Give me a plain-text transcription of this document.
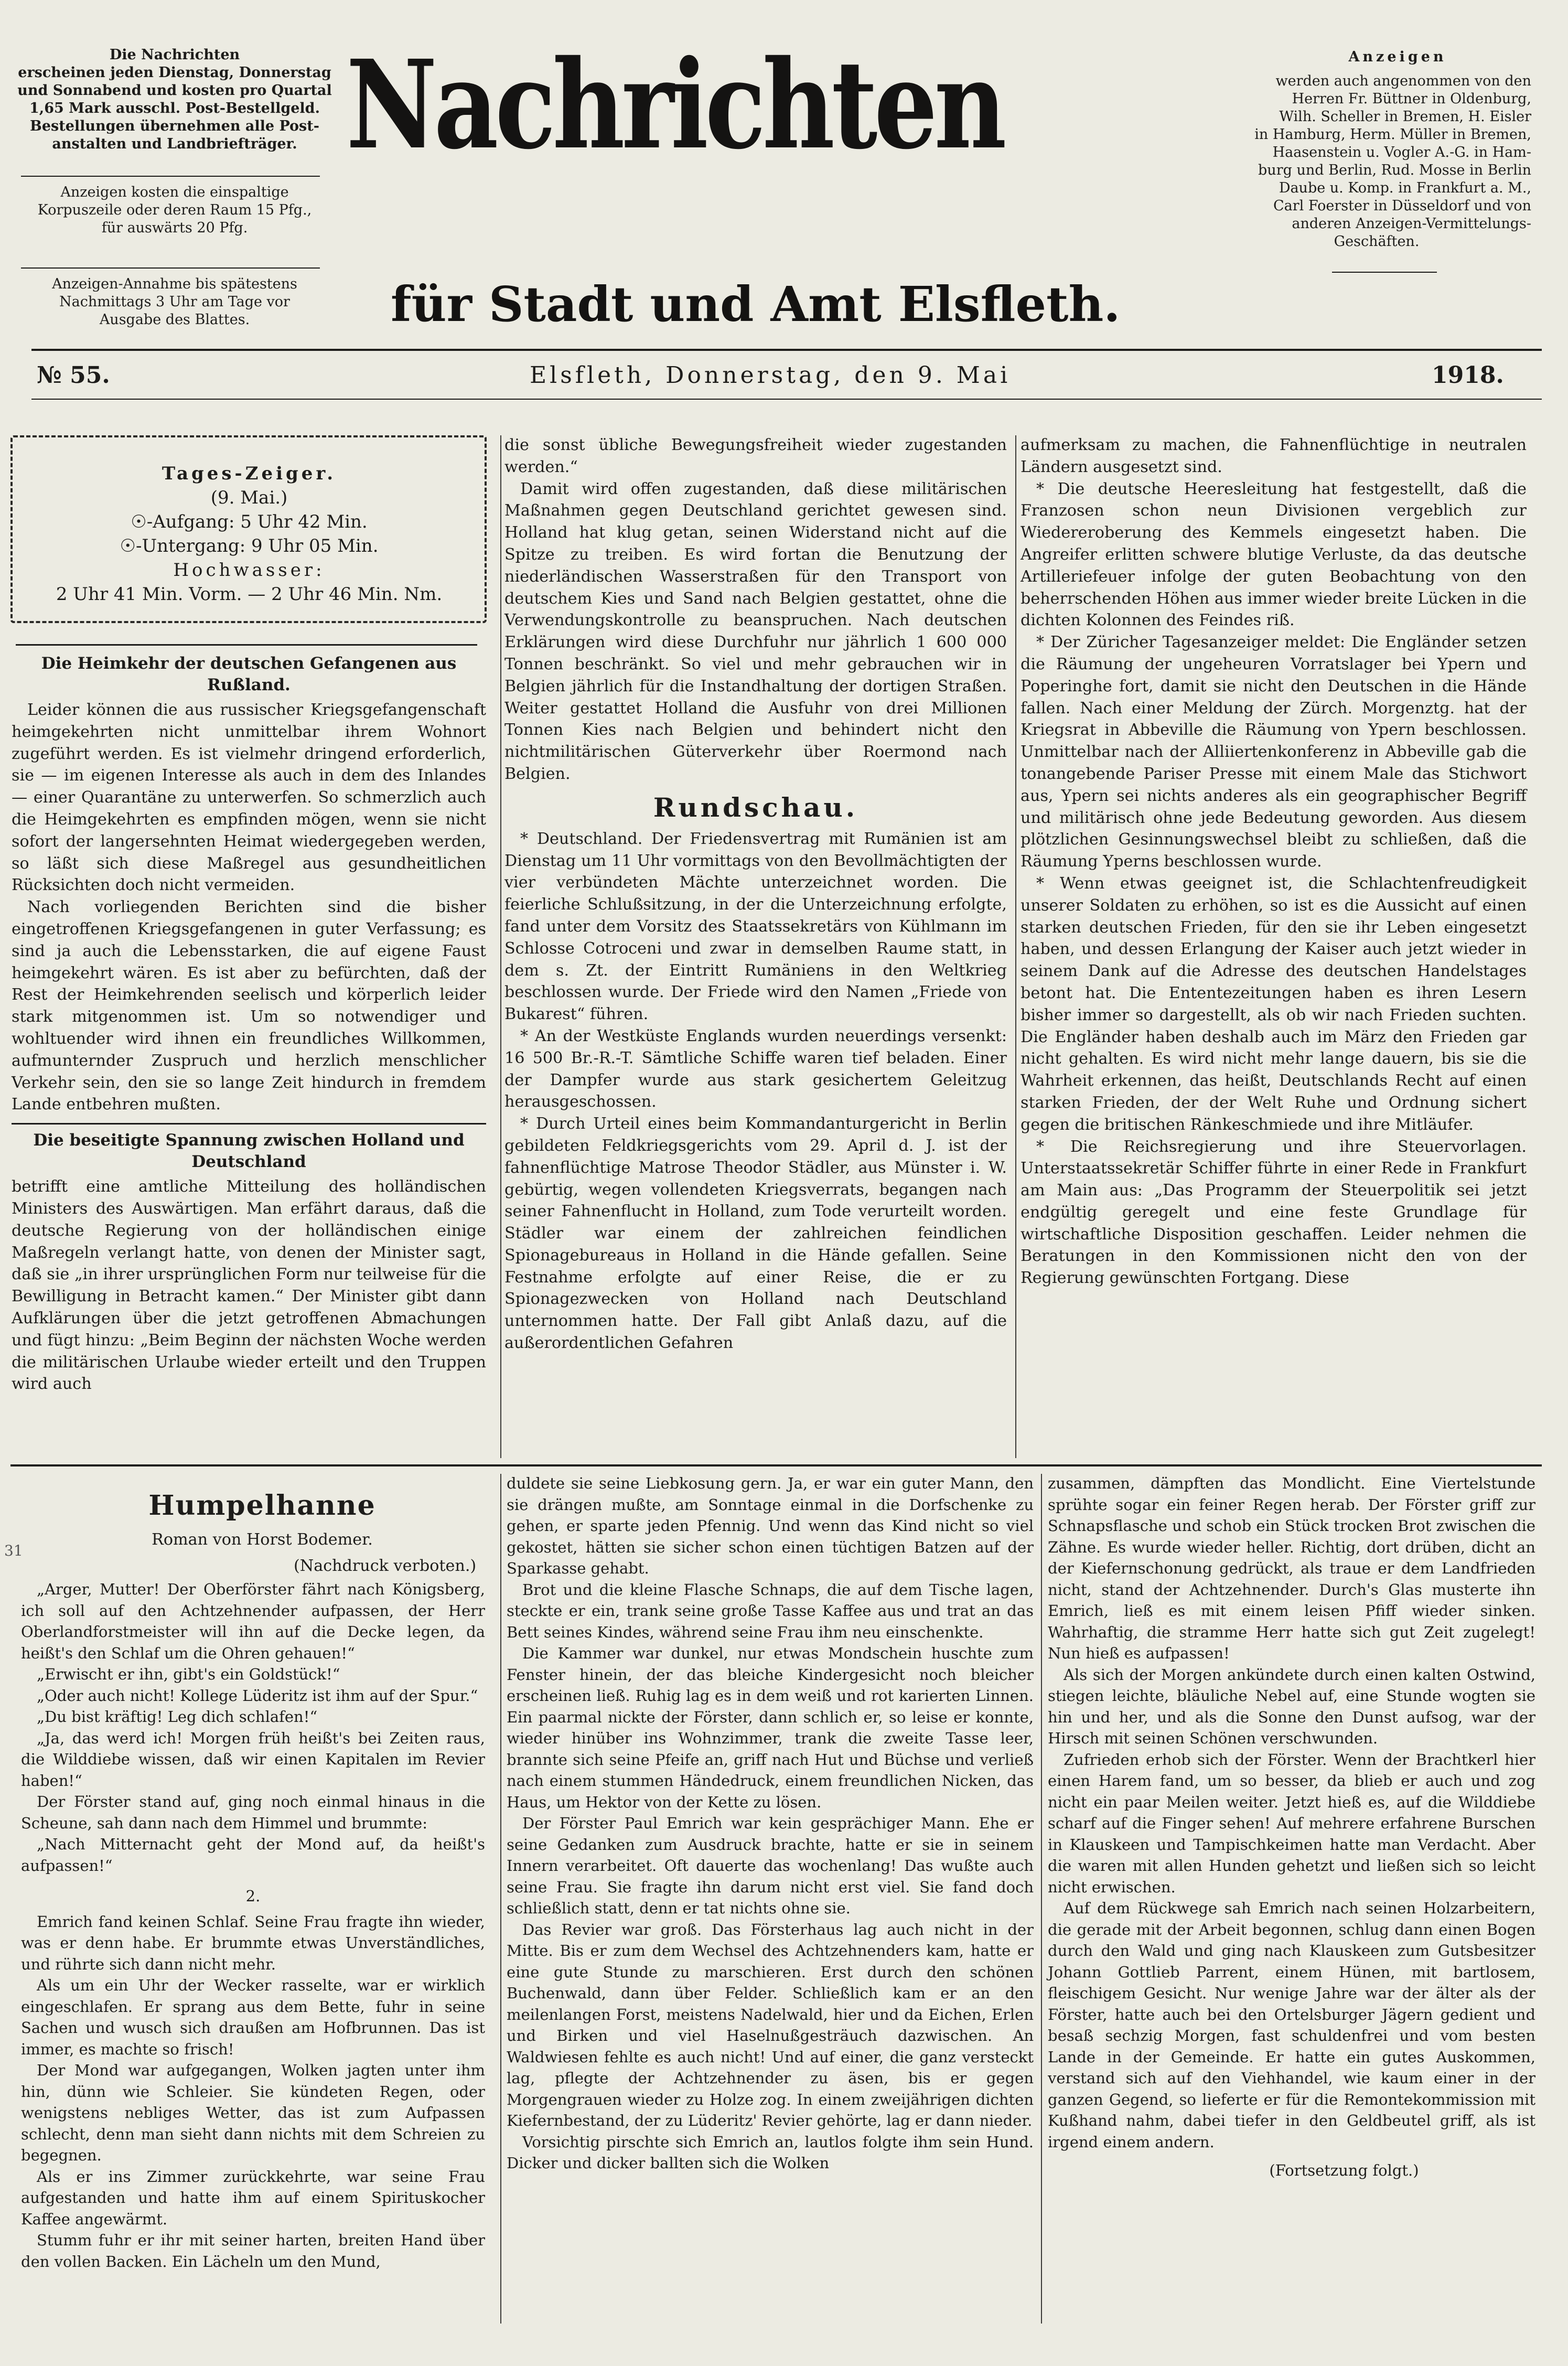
Die Nachrichten
erscheinen jeden Dienstag, Donnerstag
und Sonnabend und kosten pro Quartal
1,65 Mark ausschl. Post-Bestellgeld.
Bestellungen übernehmen alle Post-
anstalten und Landbriefträger.
Anzeigen kosten die einspaltige
Korpuszeile oder deren Raum 15 Pfg.,
für auswärts 20 Pfg.
Anzeigen-Annahme bis spätestens
Nachmittags 3 Uhr am Tage vor
Ausgabe des Blattes.
Nachrichten
für Stadt und Amt Elsfleth.
Anzeigen
werden auch angenommen von den
Herren Fr. Büttner in Oldenburg,
Wilh. Scheller in Bremen, H. Eisler
in Hamburg, Herm. Müller in Bremen,
Haasenstein u. Vogler A.-G. in Ham-
burg und Berlin, Rud. Mosse in Berlin
Daube u. Komp. in Frankfurt a. M.,
Carl Foerster in Düsseldorf und von
anderen Anzeigen-Vermittelungs-
Geschäften.
№ 55.	Elsfleth, Donnerstag, den 9. Mai	1918.
Tages-Zeiger.
(9. Mai.)
☉-Aufgang: 5 Uhr 42 Min.
☉-Untergang: 9 Uhr 05 Min.
Hochwasser:
2 Uhr 41 Min. Vorm. — 2 Uhr 46 Min. Nm.
Die Heimkehr der deutschen Gefangenen aus Rußland.

Leider können die aus russischer Kriegsgefangenschaft heimgekehrten nicht unmittelbar ihrem Wohnort zugeführt werden. Es ist vielmehr dringend erforderlich, sie — im eigenen Interesse als auch in dem des Inlandes — einer Quarantäne zu unterwerfen. So schmerzlich auch die Heimgekehrten es empfinden mögen, wenn sie nicht sofort der langersehnten Heimat wiedergegeben werden, so läßt sich diese Maßregel aus gesundheitlichen Rücksichten doch nicht vermeiden.

Nach vorliegenden Berichten sind die bisher eingetroffenen Kriegsgefangenen in guter Verfassung; es sind ja auch die Lebensstarken, die auf eigene Faust heimgekehrt wären. Es ist aber zu befürchten, daß der Rest der Heimkehrenden seelisch und körperlich leider stark mitgenommen ist. Um so notwendiger und wohltuender wird ihnen ein freundliches Willkommen, aufmunternder Zuspruch und herzlich menschlicher Verkehr sein, den sie so lange Zeit hindurch in fremdem Lande entbehren mußten.

Die beseitigte Spannung zwischen Holland und Deutschland

betrifft eine amtliche Mitteilung des holländischen Ministers des Auswärtigen. Man erfährt daraus, daß die deutsche Regierung von der holländischen einige Maßregeln verlangt hatte, von denen der Minister sagt, daß sie „in ihrer ursprünglichen Form nur teilweise für die Bewilligung in Betracht kamen.“ Der Minister gibt dann Aufklärungen über die jetzt getroffenen Abmachungen und fügt hinzu: „Beim Beginn der nächsten Woche werden die militärischen Urlaube wieder erteilt und den Truppen wird auch

die sonst übliche Bewegungsfreiheit wieder zugestanden werden.“

Damit wird offen zugestanden, daß diese militärischen Maßnahmen gegen Deutschland gerichtet gewesen sind. Holland hat klug getan, seinen Widerstand nicht auf die Spitze zu treiben. Es wird fortan die Benutzung der niederländischen Wasserstraßen für den Transport von deutschem Kies und Sand nach Belgien gestattet, ohne die Verwendungskontrolle zu beanspruchen. Nach deutschen Erklärungen wird diese Durchfuhr nur jährlich 1 600 000 Tonnen beschränkt. So viel und mehr gebrauchen wir in Belgien jährlich für die Instandhaltung der dortigen Straßen. Weiter gestattet Holland die Ausfuhr von drei Millionen Tonnen Kies nach Belgien und behindert nicht den nichtmilitärischen Güterverkehr über Roermond nach Belgien.

Rundschau.

* Deutschland. Der Friedensvertrag mit Rumänien ist am Dienstag um 11 Uhr vormittags von den Bevollmächtigten der vier verbündeten Mächte unterzeichnet worden. Die feierliche Schlußsitzung, in der die Unterzeichnung erfolgte, fand unter dem Vorsitz des Staatssekretärs von Kühlmann im Schlosse Cotroceni und zwar in demselben Raume statt, in dem s. Zt. der Eintritt Rumäniens in den Weltkrieg beschlossen wurde. Der Friede wird den Namen „Friede von Bukarest“ führen.

* An der Westküste Englands wurden neuerdings versenkt: 16 500 Br.-R.-T. Sämtliche Schiffe waren tief beladen. Einer der Dampfer wurde aus stark gesichertem Geleitzug herausgeschossen.

* Durch Urteil eines beim Kommandanturgericht in Berlin gebildeten Feldkriegsgerichts vom 29. April d. J. ist der fahnenflüchtige Matrose Theodor Städler, aus Münster i. W. gebürtig, wegen vollendeten Kriegsverrats, begangen nach seiner Fahnenflucht in Holland, zum Tode verurteilt worden. Städler war einem der zahlreichen feindlichen Spionagebureaus in Holland in die Hände gefallen. Seine Festnahme erfolgte auf einer Reise, die er zu Spionagezwecken von Holland nach Deutschland unternommen hatte. Der Fall gibt Anlaß dazu, auf die außerordentlichen Gefahren

aufmerksam zu machen, die Fahnenflüchtige in neutralen Ländern ausgesetzt sind.

* Die deutsche Heeresleitung hat festgestellt, daß die Franzosen schon neun Divisionen vergeblich zur Wiedereroberung des Kemmels eingesetzt haben. Die Angreifer erlitten schwere blutige Verluste, da das deutsche Artilleriefeuer infolge der guten Beobachtung von den beherrschenden Höhen aus immer wieder breite Lücken in die dichten Kolonnen des Feindes riß.

* Der Züricher Tagesanzeiger meldet: Die Engländer setzen die Räumung der ungeheuren Vorratslager bei Ypern und Poperinghe fort, damit sie nicht den Deutschen in die Hände fallen. Nach einer Meldung der Zürch. Morgenztg. hat der Kriegsrat in Abbeville die Räumung von Ypern beschlossen. Unmittelbar nach der Alliiertenkonferenz in Abbeville gab die tonangebende Pariser Presse mit einem Male das Stichwort aus, Ypern sei nichts anderes als ein geographischer Begriff und militärisch ohne jede Bedeutung geworden. Aus diesem plötzlichen Gesinnungswechsel bleibt zu schließen, daß die Räumung Yperns beschlossen wurde.

* Wenn etwas geeignet ist, die Schlachtenfreudigkeit unserer Soldaten zu erhöhen, so ist es die Aussicht auf einen starken deutschen Frieden, für den sie ihr Leben eingesetzt haben, und dessen Erlangung der Kaiser auch jetzt wieder in seinem Dank auf die Adresse des deutschen Handelstages betont hat. Die Ententezeitungen haben es ihren Lesern bisher immer so dargestellt, als ob wir nach Frieden suchten. Die Engländer haben deshalb auch im März den Frieden gar nicht gehalten. Es wird nicht mehr lange dauern, bis sie die Wahrheit erkennen, das heißt, Deutschlands Recht auf einen starken Frieden, der der Welt Ruhe und Ordnung sichert gegen die britischen Ränkeschmiede und ihre Mitläufer.

* Die Reichsregierung und ihre Steuervorlagen. Unterstaatssekretär Schiffer führte in einer Rede in Frankfurt am Main aus: „Das Programm der Steuerpolitik sei jetzt endgültig geregelt und eine feste Grundlage für wirtschaftliche Disposition geschaffen. Leider nehmen die Beratungen in den Kommissionen nicht den von der Regierung gewünschten Fortgang. Diese

31
Humpelhanne
Roman von Horst Bodemer.
(Nachdruck verboten.)

„Arger, Mutter! Der Oberförster fährt nach Königsberg, ich soll auf den Achtzehnender aufpassen, der Herr Oberlandforstmeister will ihn auf die Decke legen, da heißt's den Schlaf um die Ohren gehauen!“

„Erwischt er ihn, gibt's ein Goldstück!“

„Oder auch nicht! Kollege Lüderitz ist ihm auf der Spur.“

„Du bist kräftig! Leg dich schlafen!“

„Ja, das werd ich! Morgen früh heißt's bei Zeiten raus, die Wilddiebe wissen, daß wir einen Kapitalen im Revier haben!“

Der Förster stand auf, ging noch einmal hinaus in die Scheune, sah dann nach dem Himmel und brummte:

„Nach Mitternacht geht der Mond auf, da heißt's aufpassen!“

2.

Emrich fand keinen Schlaf. Seine Frau fragte ihn wieder, was er denn habe. Er brummte etwas Unverständliches, und rührte sich dann nicht mehr.

Als um ein Uhr der Wecker rasselte, war er wirklich eingeschlafen. Er sprang aus dem Bette, fuhr in seine Sachen und wusch sich draußen am Hofbrunnen. Das ist immer, es machte so frisch!

Der Mond war aufgegangen, Wolken jagten unter ihm hin, dünn wie Schleier. Sie kündeten Regen, oder wenigstens nebliges Wetter, das ist zum Aufpassen schlecht, denn man sieht dann nichts mit dem Schreien zu begegnen.

Als er ins Zimmer zurückkehrte, war seine Frau aufgestanden und hatte ihm auf einem Spirituskocher Kaffee angewärmt.

Stumm fuhr er ihr mit seiner harten, breiten Hand über den vollen Backen. Ein Lächeln um den Mund,

duldete sie seine Liebkosung gern. Ja, er war ein guter Mann, den sie drängen mußte, am Sonntage einmal in die Dorfschenke zu gehen, er sparte jeden Pfennig. Und wenn das Kind nicht so viel gekostet, hätten sie sicher schon einen tüchtigen Batzen auf der Sparkasse gehabt.

Brot und die kleine Flasche Schnaps, die auf dem Tische lagen, steckte er ein, trank seine große Tasse Kaffee aus und trat an das Bett seines Kindes, während seine Frau ihm neu einschenkte.

Die Kammer war dunkel, nur etwas Mondschein huschte zum Fenster hinein, der das bleiche Kindergesicht noch bleicher erscheinen ließ. Ruhig lag es in dem weiß und rot karierten Linnen. Ein paarmal nickte der Förster, dann schlich er, so leise er konnte, wieder hinüber ins Wohnzimmer, trank die zweite Tasse leer, brannte sich seine Pfeife an, griff nach Hut und Büchse und verließ nach einem stummen Händedruck, einem freundlichen Nicken, das Haus, um Hektor von der Kette zu lösen.

Der Förster Paul Emrich war kein gesprächiger Mann. Ehe er seine Gedanken zum Ausdruck brachte, hatte er sie in seinem Innern verarbeitet. Oft dauerte das wochenlang! Das wußte auch seine Frau. Sie fragte ihn darum nicht erst viel. Sie fand doch schließlich statt, denn er tat nichts ohne sie.

Das Revier war groß. Das Försterhaus lag auch nicht in der Mitte. Bis er zum dem Wechsel des Achtzehnenders kam, hatte er eine gute Stunde zu marschieren. Erst durch den schönen Buchenwald, dann über Felder. Schließlich kam er an den meilenlangen Forst, meistens Nadelwald, hier und da Eichen, Erlen und Birken und viel Haselnußgesträuch dazwischen. An Waldwiesen fehlte es auch nicht! Und auf einer, die ganz versteckt lag, pflegte der Achtzehnender zu äsen, bis er gegen Morgengrauen wieder zu Holze zog. In einem zweijährigen dichten Kiefernbestand, der zu Lüderitz' Revier gehörte, lag er dann nieder.

Vorsichtig pirschte sich Emrich an, lautlos folgte ihm sein Hund. Dicker und dicker ballten sich die Wolken

zusammen, dämpften das Mondlicht. Eine Viertelstunde sprühte sogar ein feiner Regen herab. Der Förster griff zur Schnapsflasche und schob ein Stück trocken Brot zwischen die Zähne. Es wurde wieder heller. Richtig, dort drüben, dicht an der Kiefernschonung gedrückt, als traue er dem Landfrieden nicht, stand der Achtzehnender. Durch's Glas musterte ihn Emrich, ließ es mit einem leisen Pfiff wieder sinken. Wahrhaftig, die stramme Herr hatte sich gut Zeit zugelegt! Nun hieß es aufpassen!

Als sich der Morgen ankündete durch einen kalten Ostwind, stiegen leichte, bläuliche Nebel auf, eine Stunde wogten sie hin und her, und als die Sonne den Dunst aufsog, war der Hirsch mit seinen Schönen verschwunden.

Zufrieden erhob sich der Förster. Wenn der Brachtkerl hier einen Harem fand, um so besser, da blieb er auch und zog nicht ein paar Meilen weiter. Jetzt hieß es, auf die Wilddiebe scharf auf die Finger sehen! Auf mehrere erfahrene Burschen in Klauskeen und Tampischkeimen hatte man Verdacht. Aber die waren mit allen Hunden gehetzt und ließen sich so leicht nicht erwischen.

Auf dem Rückwege sah Emrich nach seinen Holzarbeitern, die gerade mit der Arbeit begonnen, schlug dann einen Bogen durch den Wald und ging nach Klauskeen zum Gutsbesitzer Johann Gottlieb Parrent, einem Hünen, mit bartlosem, fleischigem Gesicht. Nur wenige Jahre war der älter als der Förster, hatte auch bei den Ortelsburger Jägern gedient und besaß sechzig Morgen, fast schuldenfrei und vom besten Lande in der Gemeinde. Er hatte ein gutes Auskommen, verstand sich auf den Viehhandel, wie kaum einer in der ganzen Gegend, so lieferte er für die Remontekommission mit Kußhand nahm, dabei tiefer in den Geldbeutel griff, als ist irgend einem andern.

(Fortsetzung folgt.)
